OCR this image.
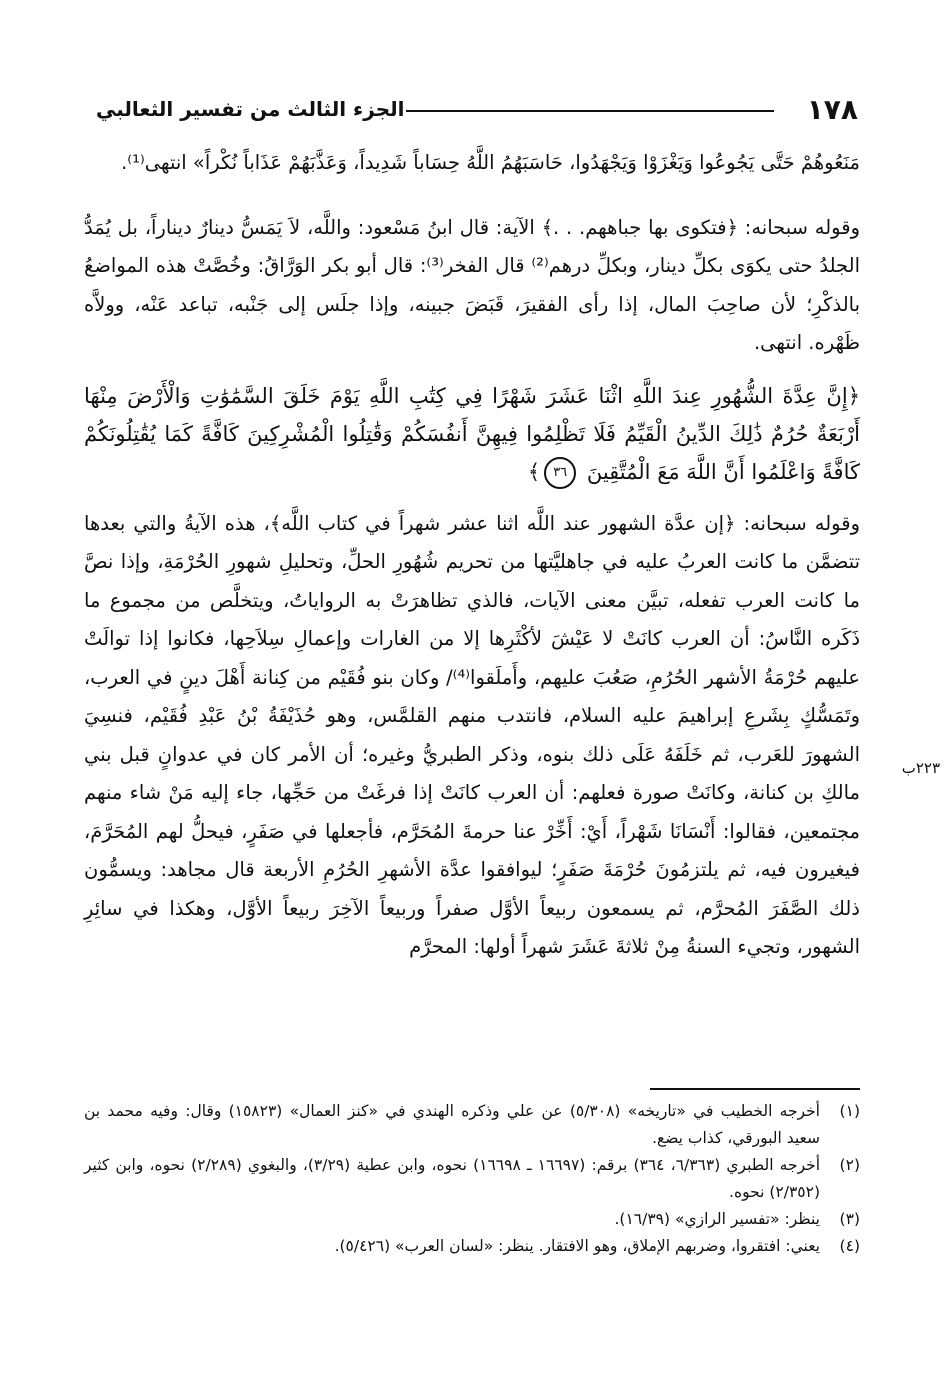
١٧٨
الجزء الثالث من تفسير الثعالبي

مَنَعُوهُمْ حَتَّى يَجُوعُوا وَيَغْزَوْا وَيَجْهَدُوا، حَاسَبَهُمُ اللَّهُ حِسَاباً شَدِيداً، وَعَذَّبَهُمْ عَذَاباً نُكْراً» انتهى⁽¹⁾.

وقوله سبحانه: ﴿فتكوى بها جباههم. . .﴾ الآية: قال ابنُ مَسْعود: واللَّه، لاَ يَمَسُّ دينارٌ ديناراً، بل يُمَدُّ الجلدُ حتى يكوَى بكلِّ دينار، وبكلِّ درهم⁽²⁾ قال الفخر⁽³⁾: قال أبو بكر الوَرَّاقُ: وخُصَّتْ هذه المواضعُ بالذكْرِ؛ لأن صاحِبَ المال، إذا رأى الفقيرَ، قَبَضَ جبينه، وإذا جلَس إلى جَنْبه، تباعد عَنْه، وولاَّه ظَهْره. انتهى.

﴿إِنَّ عِدَّةَ الشُّهُورِ عِندَ اللَّهِ اثْنَا عَشَرَ شَهْرًا فِي كِتَٰبِ اللَّهِ يَوْمَ خَلَقَ السَّمَٰوَٰتِ وَالْأَرْضَ مِنْهَا أَرْبَعَةٌ حُرُمٌ ذَٰلِكَ الدِّينُ الْقَيِّمُ فَلَا تَظْلِمُوا فِيهِنَّ أَنفُسَكُمْ وَقَٰتِلُوا الْمُشْرِكِينَ كَافَّةً كَمَا يُقَٰتِلُونَكُمْ كَافَّةً وَاعْلَمُوا أَنَّ اللَّهَ مَعَ الْمُتَّقِينَ ٣٦﴾

وقوله سبحانه: ﴿إن عدَّة الشهور عند اللَّه اثنا عشر شهراً في كتاب اللَّه﴾، هذه الآيةُ والتي بعدها تتضمَّن ما كانت العربُ عليه في جاهليَّتها من تحريم شُهُورِ الحلِّ، وتحليلِ شهورِ الحُرْمَةِ، وإذا نصَّ ما كانت العرب تفعله، تبيَّن معنى الآيات، فالذي تظاهرَتْ به الرواياتُ، ويتخلَّص من مجموع ما ذَكَره النَّاسُ: أن العرب كانَتْ لا عَيْشَ لأكْثَرِها إلا من الغارات وإعمالِ سِلاَحِها، فكانوا إذا توالَتْ عليهم حُرْمَةُ الأشهر الحُرُمِ، صَعُبَ عليهم، وأَملَقوا⁽⁴⁾/ وكان بنو فُقَيْم من كِنانة أَهْلَ دينٍ في العرب، وتَمَسُّكٍ بِشَرعِ إبراهيمَ عليه السلام، فانتدب منهم القلمَّس، وهو حُذَيْفَةُ بْنُ عَبْدِ فُقَيْم، فنسِيَ الشهورَ للعَرب، ثم خَلَفَهُ عَلَى ذلك بنوه، وذكر الطبريُّ وغيره؛ أن الأمر كان في عدوانٍ قبل بني مالكِ بن كنانة، وكانَتْ صورة فعلهم: أن العرب كانَتْ إذا فرغَتْ من حَجِّها، جاء إليه مَنْ شاء منهم مجتمعين، فقالوا: أَنْسَانَا شَهْراً، أَيْ: أَخِّرْ عنا حرمةَ المُحَرَّم، فأجعلها في صَفَرٍ، فيحلُّ لهم المُحَرَّمَ، فيغيرون فيه، ثم يلتزمُونَ حُرْمَةَ صَفَرٍ؛ ليوافقوا عدَّة الأشهرِ الحُرُمِ الأربعة قال مجاهد: ويسمُّون ذلك الصَّفَرَ المُحرَّم، ثم يسمعون ربيعاً الأوَّل صفراً وربيعاً الآخِرَ ربيعاً الأوَّل، وهكذا في سائِرِ الشهور، وتجيء السنةُ مِنْ ثلاثةَ عَشَرَ شهراً أولها: المحرَّم

٢٢٣ب
(١)
أخرجه الخطيب في «تاريخه» (٥/٣٠٨) عن علي وذكره الهندي في «كنز العمال» (١٥٨٢٣) وقال: وفيه محمد بن سعيد البورقي، كذاب يضع.
(٢)
أخرجه الطبري (٦/٣٦٣، ٣٦٤) برقم: (١٦٦٩٧ ـ ١٦٦٩٨) نحوه، وابن عطية (٣/٢٩)، والبغوي (٢/٢٨٩) نحوه، وابن كثير (٢/٣٥٢) نحوه.
(٣)
ينظر: «تفسير الرازي» (١٦/٣٩).
(٤)
يعني: افتقروا، وضربهم الإملاق، وهو الافتقار. ينظر: «لسان العرب» (٥/٤٢٦).
